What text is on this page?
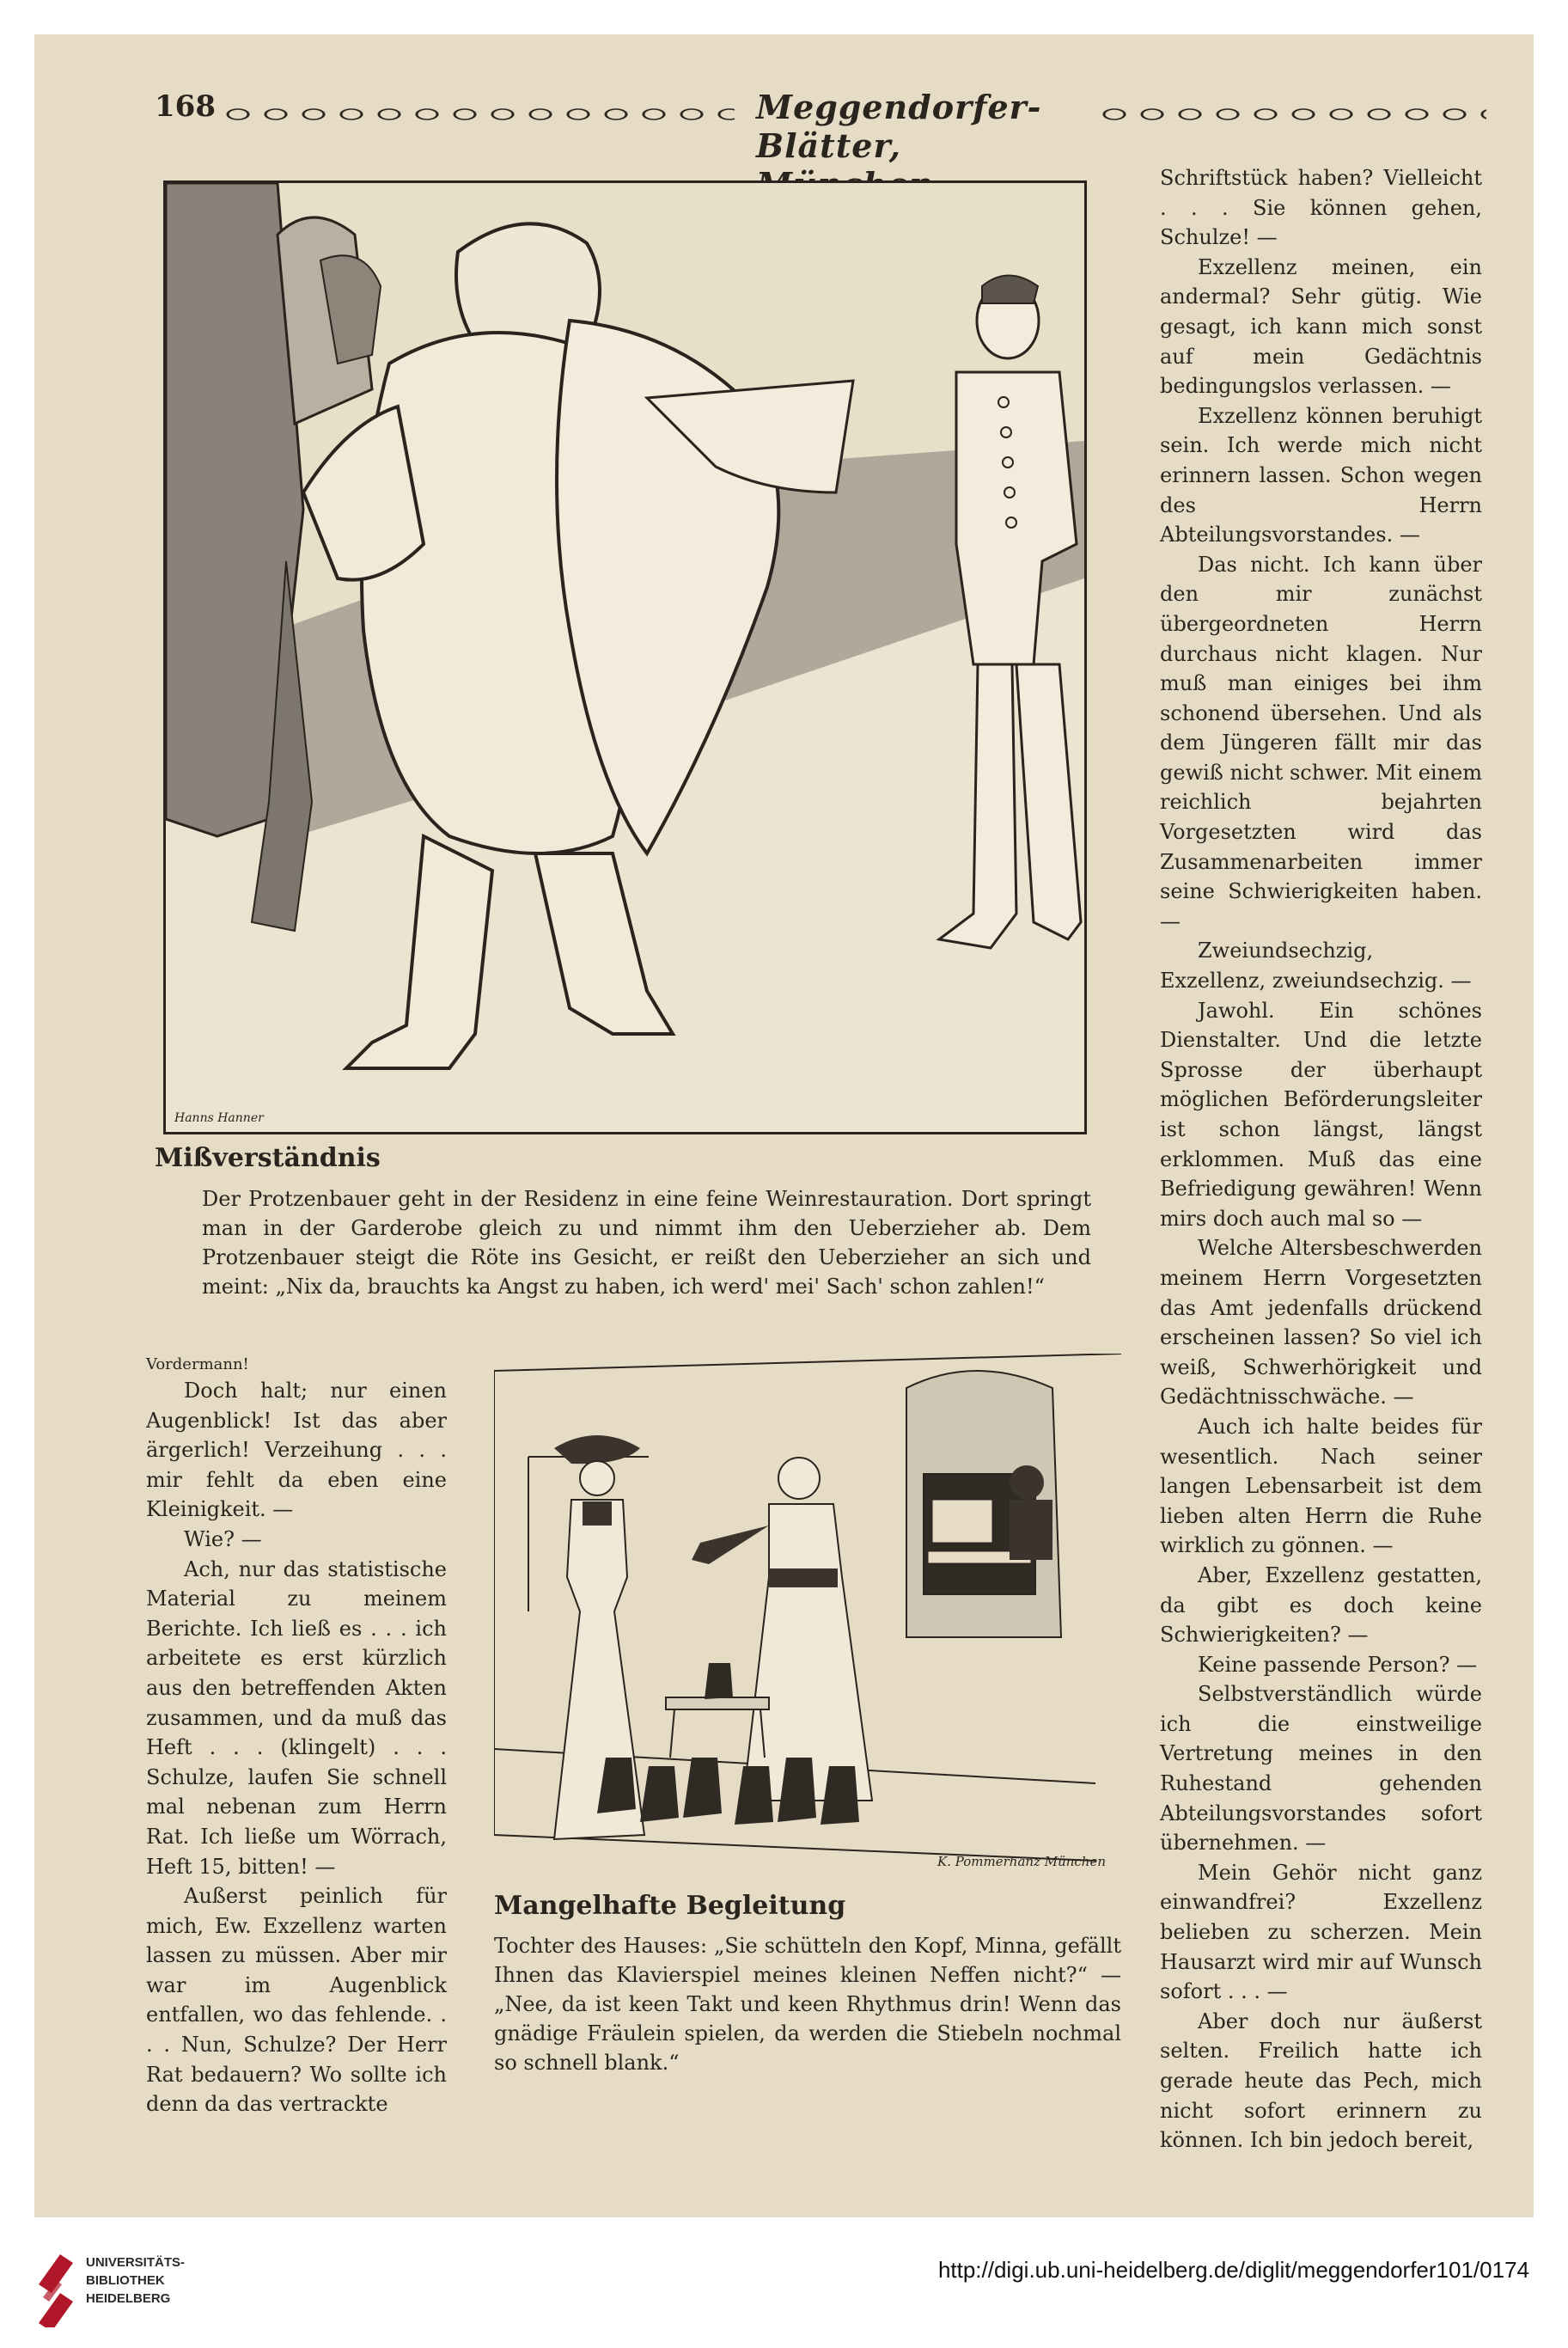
168	Meggendorfer-Blätter,
Hanns Hanner
Mißverständnis
Der Protzenbauer geht in der Residenz in eine feine Weinrestauration. Dort springt man in der Garderobe gleich zu und nimmt ihm den Ueberzieher ab. Dem Protzenbauer steigt die Röte ins Gesicht, er reißt den Ueberzieher an sich und meint: „Nix da, brauchts ka Angst zu haben, ich werd' mei' Sach' schon zahlen!“

Vordermann!

Doch halt; nur einen Augenblick! Ist das aber ärgerlich! Verzeihung . . . mir fehlt da eben eine Kleinigkeit. —

Wie? —

Ach, nur das statistische Material zu meinem Berichte. Ich ließ es . . . ich arbeitete es erst kürzlich aus den betreffenden Akten zusammen, und da muß das Heft . . . (klingelt) . . . Schulze, laufen Sie schnell mal nebenan zum Herrn Rat. Ich ließe um Wörrach, Heft 15, bitten! —

Außerst peinlich für mich, Ew. Exzellenz warten lassen zu müssen. Aber mir war im Augenblick entfallen, wo das fehlende. . . . Nun, Schulze? Der Herr Rat bedauern? Wo sollte ich denn da das vertrackte

K. Pommerhanz München
Mangelhafte Begleitung
Tochter des Hauses: „Sie schütteln den Kopf, Minna, gefällt Ihnen das Klavierspiel meines kleinen Neffen nicht?“ — „Nee, da ist keen Takt und keen Rhythmus drin! Wenn das gnädige Fräulein spielen, da werden die Stiebeln nochmal so schnell blank.“

Schriftstück haben? Vielleicht . . . Sie können gehen, Schulze! —

Exzellenz meinen, ein andermal? Sehr gütig. Wie gesagt, ich kann mich sonst auf mein Gedächtnis bedingungslos verlassen. —

Exzellenz können beruhigt sein. Ich werde mich nicht erinnern lassen. Schon wegen des Herrn Abteilungsvorstandes. —

Das nicht. Ich kann über den mir zunächst übergeordneten Herrn durchaus nicht klagen. Nur muß man einiges bei ihm schonend übersehen. Und als dem Jüngeren fällt mir das gewiß nicht schwer. Mit einem reichlich bejahrten Vorgesetzten wird das Zusammenarbeiten immer seine Schwierigkeiten haben. —

Zweiundsechzig, Exzellenz, zweiundsechzig. —

Jawohl. Ein schönes Dienstalter. Und die letzte Sprosse der überhaupt möglichen Beförderungsleiter ist schon längst, längst erklommen. Muß das eine Befriedigung gewähren! Wenn mirs doch auch mal so —

Welche Altersbeschwerden meinem Herrn Vorgesetzten das Amt jedenfalls drückend erscheinen lassen? So viel ich weiß, Schwerhörigkeit und Gedächtnisschwäche. —

Auch ich halte beides für wesentlich. Nach seiner langen Lebensarbeit ist dem lieben alten Herrn die Ruhe wirklich zu gönnen. —

Aber, Exzellenz gestatten, da gibt es doch keine Schwierigkeiten? —

Keine passende Person? —

Selbstverständlich würde ich die einstweilige Vertretung meines in den Ruhestand gehenden Abteilungsvorstandes sofort übernehmen. —

Mein Gehör nicht ganz einwandfrei? Exzellenz belieben zu scherzen. Mein Hausarzt wird mir auf Wunsch sofort . . . —

Aber doch nur äußerst selten. Freilich hatte ich gerade heute das Pech, mich nicht sofort erinnern zu können. Ich bin jedoch bereit,

UNIVERSITÄTS-
BIBLIOTHEK
HEIDELBERG
http://digi.ub.uni-heidelberg.de/diglit/meggendorfer101/0174
